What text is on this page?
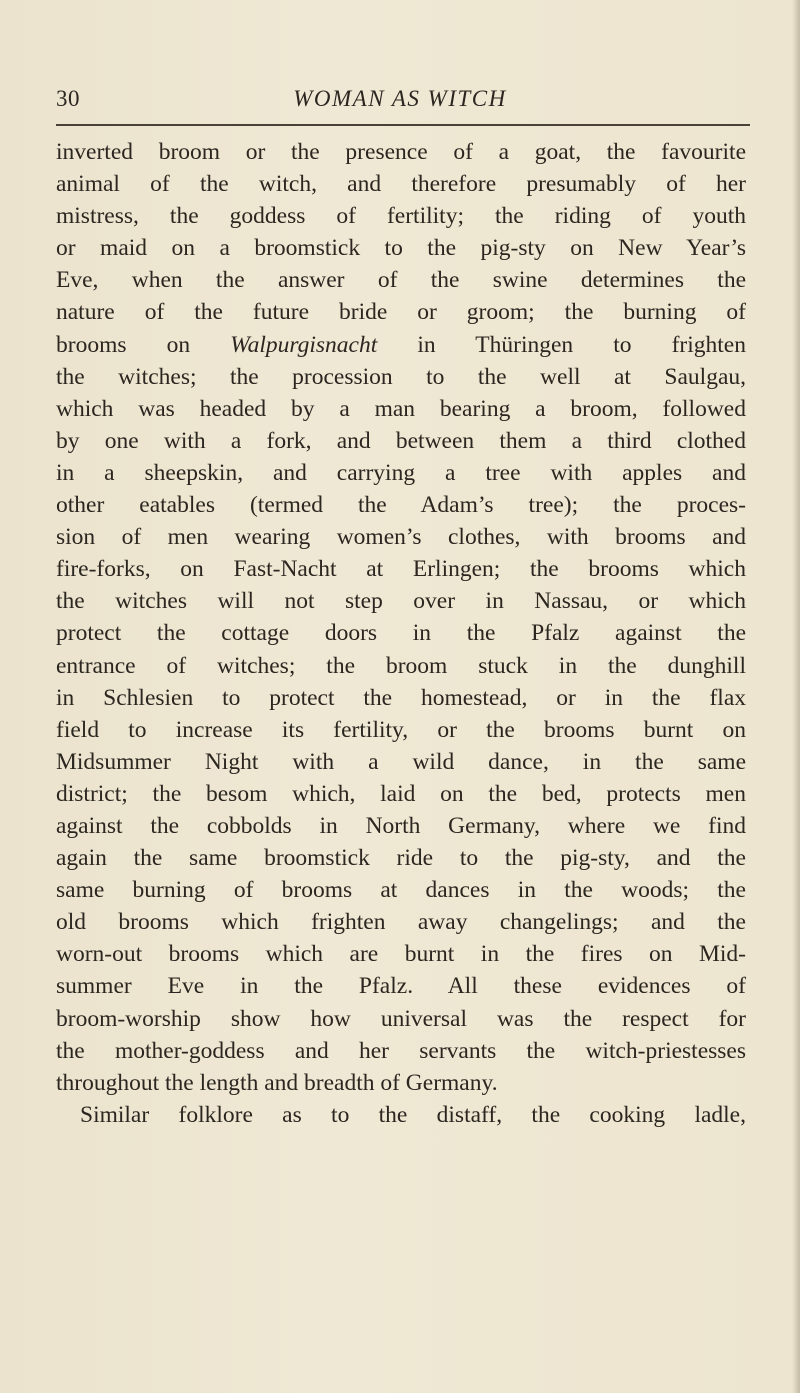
30	WOMAN AS WITCH
inverted broom or the presence of a goat, the favourite
animal of the witch, and therefore presumably of her
mistress, the goddess of fertility; the riding of youth
or maid on a broomstick to the pig-sty on New Year’s
Eve, when the answer of the swine determines the
nature of the future bride or groom; the burning of
brooms on Walpurgisnacht in Thüringen to frighten
the witches; the procession to the well at Saulgau,
which was headed by a man bearing a broom, followed
by one with a fork, and between them a third clothed
in a sheepskin, and carrying a tree with apples and
other eatables (termed the Adam’s tree); the proces-
sion of men wearing women’s clothes, with brooms and
fire-forks, on Fast-Nacht at Erlingen; the brooms which
the witches will not step over in Nassau, or which
protect the cottage doors in the Pfalz against the
entrance of witches; the broom stuck in the dunghill
in Schlesien to protect the homestead, or in the flax
field to increase its fertility, or the brooms burnt on
Midsummer Night with a wild dance, in the same
district; the besom which, laid on the bed, protects men
against the cobbolds in North Germany, where we find
again the same broomstick ride to the pig-sty, and the
same burning of brooms at dances in the woods; the
old brooms which frighten away changelings; and the
worn-out brooms which are burnt in the fires on Mid-
summer Eve in the Pfalz. All these evidences of
broom-worship show how universal was the respect for
the mother-goddess and her servants the witch-priestesses
throughout the length and breadth of Germany.
Similar folklore as to the distaff, the cooking ladle,
